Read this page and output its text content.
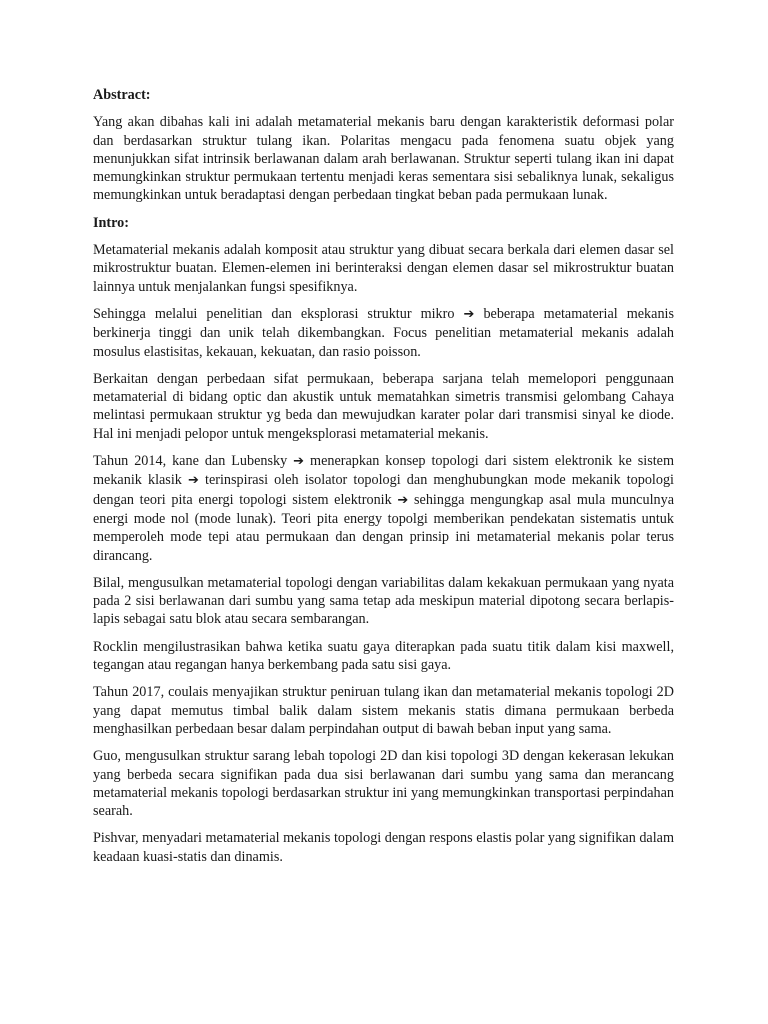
Abstract:

Yang akan dibahas kali ini adalah metamaterial mekanis baru dengan karakteristik deformasi polar dan berdasarkan struktur tulang ikan. Polaritas mengacu pada fenomena suatu objek yang menunjukkan sifat intrinsik berlawanan dalam arah berlawanan. Struktur seperti tulang ikan ini dapat memungkinkan struktur permukaan tertentu menjadi keras sementara sisi sebaliknya lunak, sekaligus memungkinkan untuk beradaptasi dengan perbedaan tingkat beban pada permukaan lunak.

Intro:

Metamaterial mekanis adalah komposit atau struktur yang dibuat secara berkala dari elemen dasar sel mikrostruktur buatan. Elemen-elemen ini berinteraksi dengan elemen dasar sel mikrostruktur buatan lainnya untuk menjalankan fungsi spesifiknya.

Sehingga melalui penelitian dan eksplorasi struktur mikro ➔ beberapa metamaterial mekanis berkinerja tinggi dan unik telah dikembangkan. Focus penelitian metamaterial mekanis adalah mosulus elastisitas, kekauan, kekuatan, dan rasio poisson.

Berkaitan dengan perbedaan sifat permukaan, beberapa sarjana telah memelopori penggunaan metamaterial di bidang optic dan akustik untuk mematahkan simetris transmisi gelombang Cahaya melintasi permukaan struktur yg beda dan mewujudkan karater polar dari transmisi sinyal ke diode. Hal ini menjadi pelopor untuk mengeksplorasi metamaterial mekanis.

Tahun 2014, kane dan Lubensky ➔ menerapkan konsep topologi dari sistem elektronik ke sistem mekanik klasik ➔ terinspirasi oleh isolator topologi dan menghubungkan mode mekanik topologi dengan teori pita energi topologi sistem elektronik ➔ sehingga mengungkap asal mula munculnya energi mode nol (mode lunak). Teori pita energy topolgi memberikan pendekatan sistematis untuk memperoleh mode tepi atau permukaan dan dengan prinsip ini metamaterial mekanis polar terus dirancang.

Bilal, mengusulkan metamaterial topologi dengan variabilitas dalam kekakuan permukaan yang nyata pada 2 sisi berlawanan dari sumbu yang sama tetap ada meskipun material dipotong secara berlapis-lapis sebagai satu blok atau secara sembarangan.

Rocklin mengilustrasikan bahwa ketika suatu gaya diterapkan pada suatu titik dalam kisi maxwell, tegangan atau regangan hanya berkembang pada satu sisi gaya.

Tahun 2017, coulais menyajikan struktur peniruan tulang ikan dan metamaterial mekanis topologi 2D yang dapat memutus timbal balik dalam sistem mekanis statis dimana permukaan berbeda menghasilkan perbedaan besar dalam perpindahan output di bawah beban input yang sama.

Guo, mengusulkan struktur sarang lebah topologi 2D dan kisi topologi 3D dengan kekerasan lekukan yang berbeda secara signifikan pada dua sisi berlawanan dari sumbu yang sama dan merancang metamaterial mekanis topologi berdasarkan struktur ini yang memungkinkan transportasi perpindahan searah.

Pishvar, menyadari metamaterial mekanis topologi dengan respons elastis polar yang signifikan dalam keadaan kuasi-statis dan dinamis.
